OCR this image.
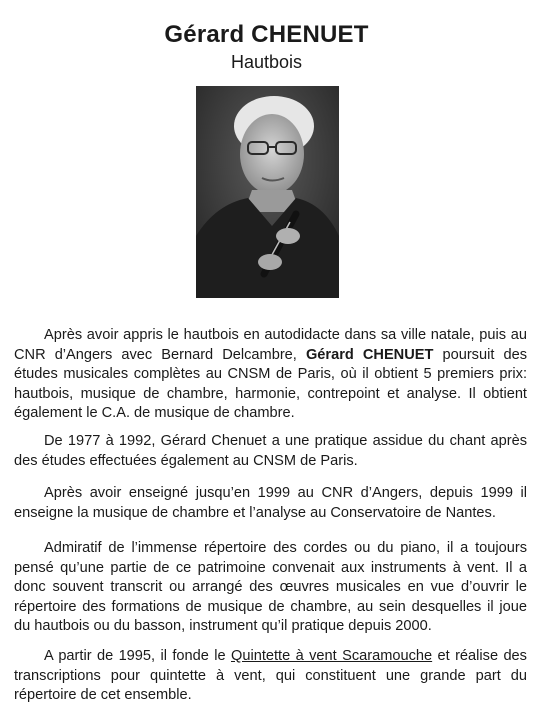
Gérard CHENUET
Hautbois

Après avoir appris le hautbois en autodidacte dans sa ville natale, puis au CNR d’Angers avec Bernard Delcambre, Gérard CHENUET poursuit des études musicales complètes au CNSM de Paris, où il obtient 5 premiers prix: hautbois, musique de chambre, harmonie, contrepoint et analyse. Il obtient également le C.A. de musique de chambre.

De 1977 à 1992, Gérard Chenuet a une pratique assidue du chant après des études effectuées également au CNSM de Paris.

Après avoir enseigné jusqu’en 1999 au CNR d’Angers, depuis 1999 il enseigne la musique de chambre et l’analyse au Conservatoire de Nantes.

Admiratif de l’immense répertoire des cordes ou du piano, il a toujours pensé qu’une partie de ce patrimoine convenait aux instruments à vent. Il a donc souvent transcrit ou arrangé des œuvres musicales en vue d’ouvrir le répertoire des formations de musique de chambre, au sein desquelles il joue du hautbois ou du basson, instrument qu’il pratique depuis 2000.

A partir de 1995, il fonde le Quintette à vent Scaramouche et réalise des transcriptions pour quintette à vent, qui constituent une grande part du répertoire de cet ensemble.
